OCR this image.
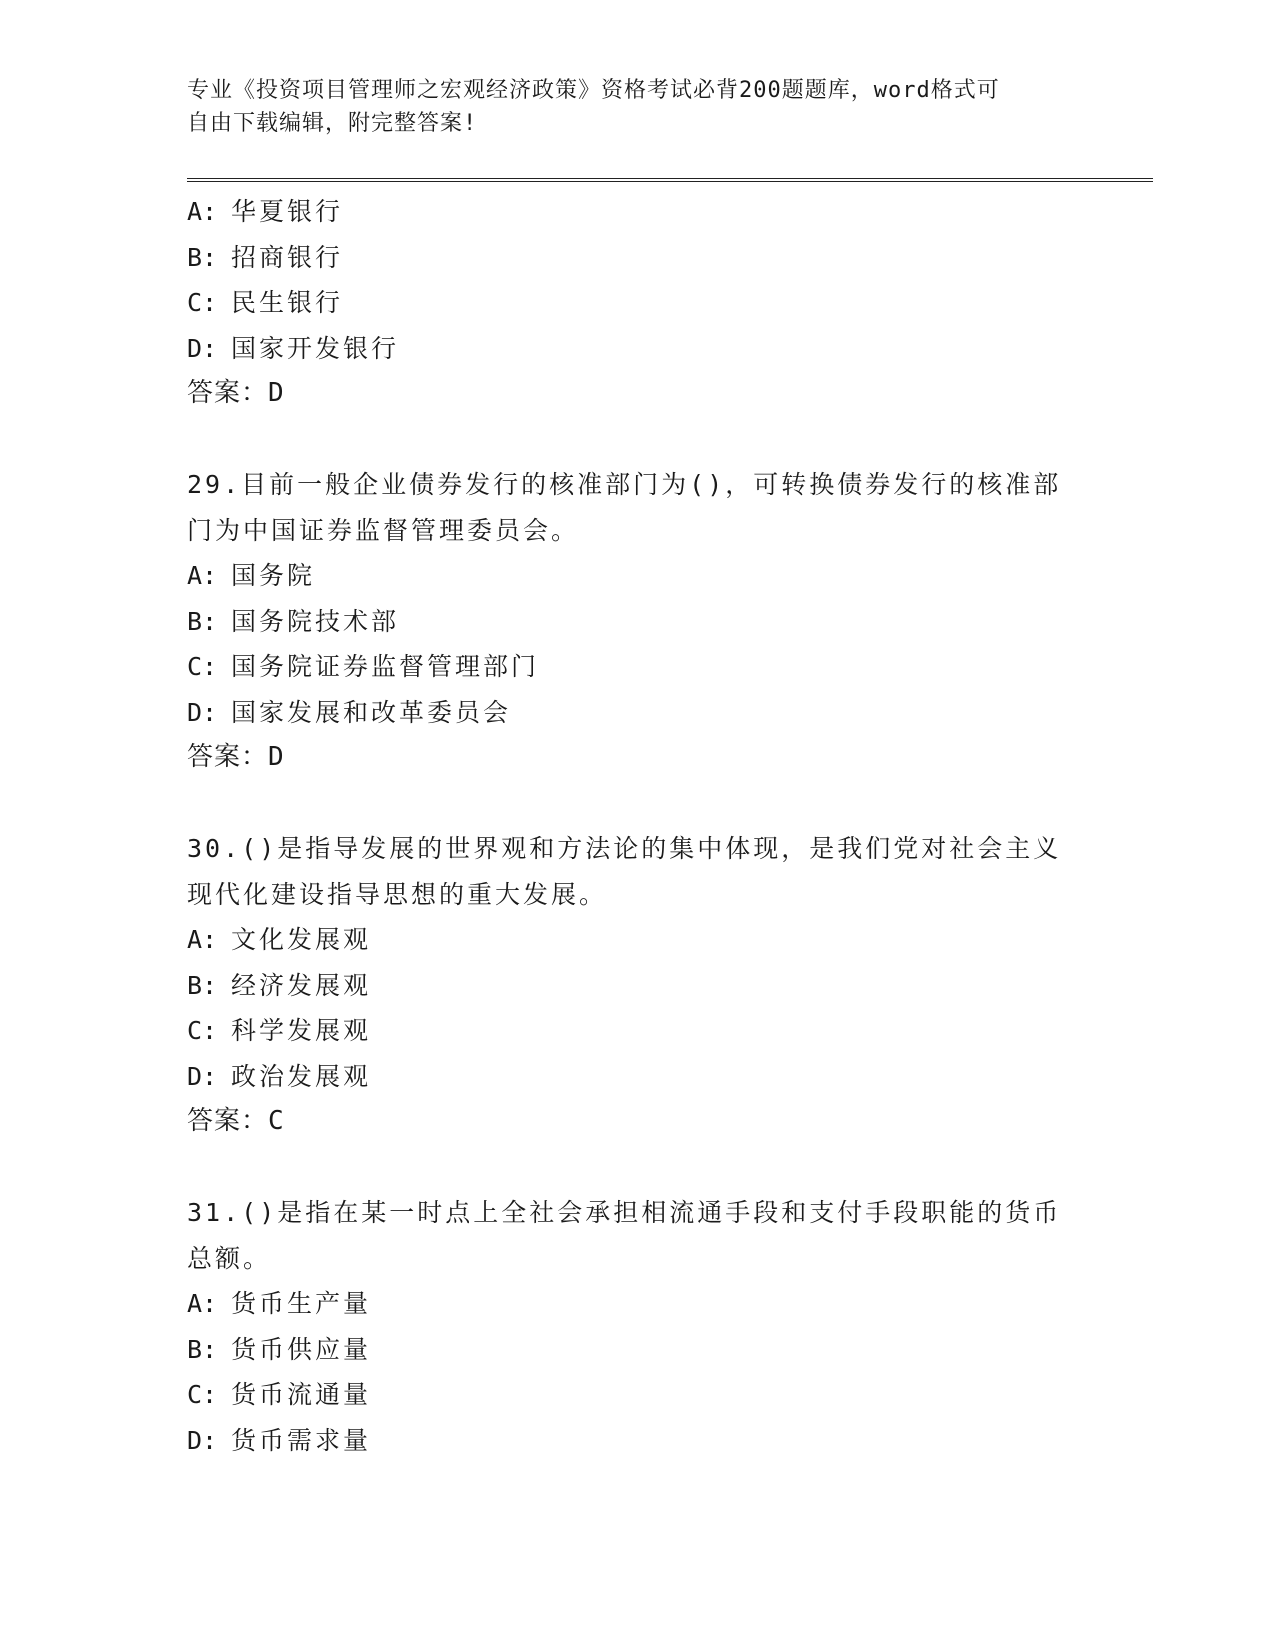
专业《投资项目管理师之宏观经济政策》资格考试必背200题题库，word格式可
自由下载编辑，附完整答案!
A: 华夏银行
B: 招商银行
C: 民生银行
D: 国家开发银行
答案：D
29.目前一般企业债券发行的核准部门为()，可转换债券发行的核准部
门为中国证券监督管理委员会。
A: 国务院
B: 国务院技术部
C: 国务院证券监督管理部门
D: 国家发展和改革委员会
答案：D
30.()是指导发展的世界观和方法论的集中体现，是我们党对社会主义
现代化建设指导思想的重大发展。
A: 文化发展观
B: 经济发展观
C: 科学发展观
D: 政治发展观
答案：C
31.()是指在某一时点上全社会承担相流通手段和支付手段职能的货币
总额。
A: 货币生产量
B: 货币供应量
C: 货币流通量
D: 货币需求量
